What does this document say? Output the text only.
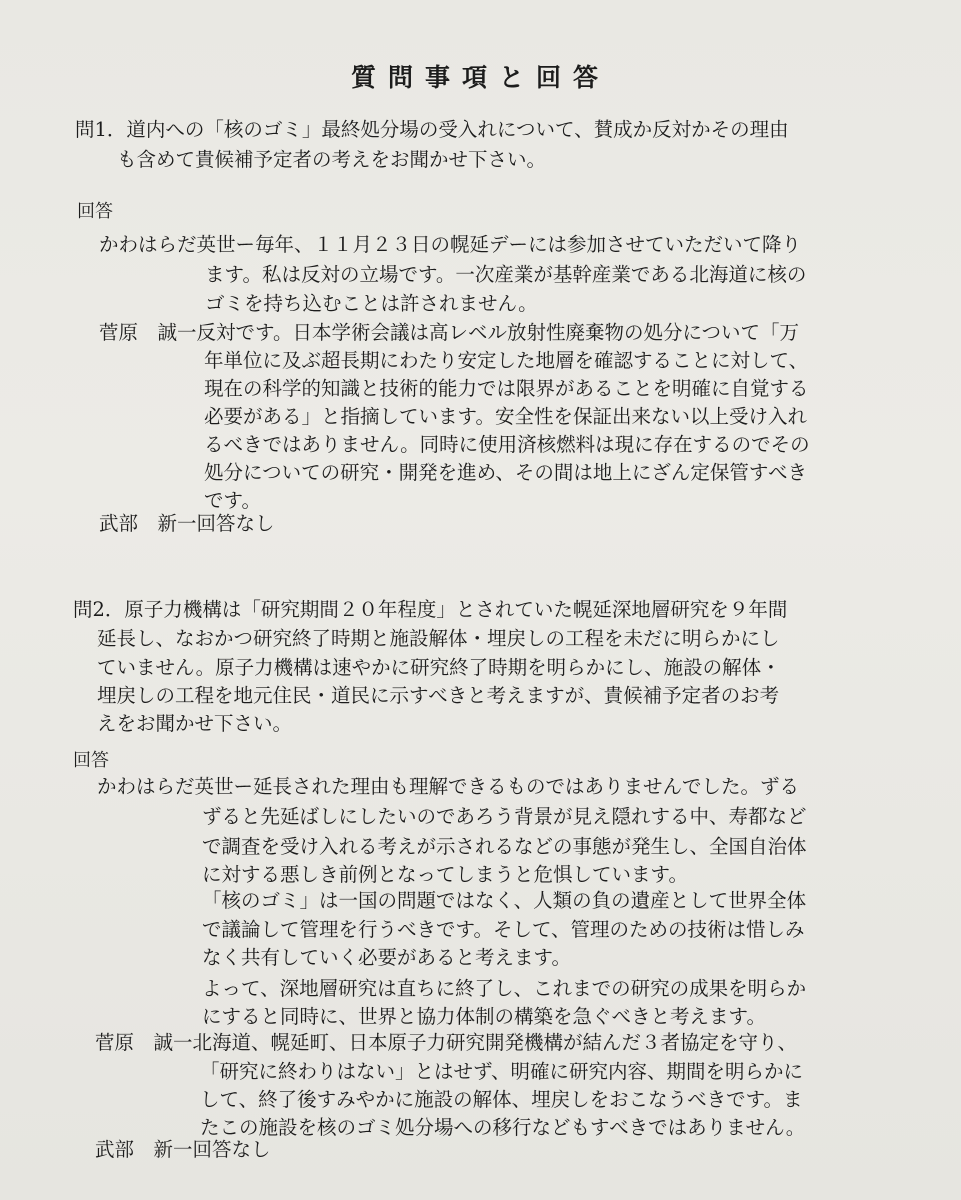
質問事項と回答

問1．道内への「核のゴミ」最終処分場の受入れについて、賛成か反対かその理由

も含めて貴候補予定者の考えをお聞かせ下さい。

回答

かわはらだ英世ー毎年、１１月２３日の幌延デーには参加させていただいて降り

ます。私は反対の立場です。一次産業が基幹産業である北海道に核の

ゴミを持ち込むことは許されません。

菅原　誠一反対です。日本学術会議は高レベル放射性廃棄物の処分について「万

年単位に及ぶ超長期にわたり安定した地層を確認することに対して、

現在の科学的知識と技術的能力では限界があることを明確に自覚する

必要がある」と指摘しています。安全性を保証出来ない以上受け入れ

るべきではありません。同時に使用済核燃料は現に存在するのでその

処分についての研究・開発を進め、その間は地上にざん定保管すべき

です。

武部　新一回答なし

問2．原子力機構は「研究期間２０年程度」とされていた幌延深地層研究を９年間

延長し、なおかつ研究終了時期と施設解体・埋戻しの工程を未だに明らかにし

ていません。原子力機構は速やかに研究終了時期を明らかにし、施設の解体・

埋戻しの工程を地元住民・道民に示すべきと考えますが、貴候補予定者のお考

えをお聞かせ下さい。

回答

かわはらだ英世ー延長された理由も理解できるものではありませんでした。ずる

ずると先延ばしにしたいのであろう背景が見え隠れする中、寿都など

で調査を受け入れる考えが示されるなどの事態が発生し、全国自治体

に対する悪しき前例となってしまうと危惧しています。

「核のゴミ」は一国の問題ではなく、人類の負の遺産として世界全体

で議論して管理を行うべきです。そして、管理のための技術は惜しみ

なく共有していく必要があると考えます。

よって、深地層研究は直ちに終了し、これまでの研究の成果を明らか

にすると同時に、世界と協力体制の構築を急ぐべきと考えます。

菅原　誠一北海道、幌延町、日本原子力研究開発機構が結んだ３者協定を守り、

「研究に終わりはない」とはせず、明確に研究内容、期間を明らかに

して、終了後すみやかに施設の解体、埋戻しをおこなうべきです。ま

たこの施設を核のゴミ処分場への移行などもすべきではありません。

武部　新一回答なし
